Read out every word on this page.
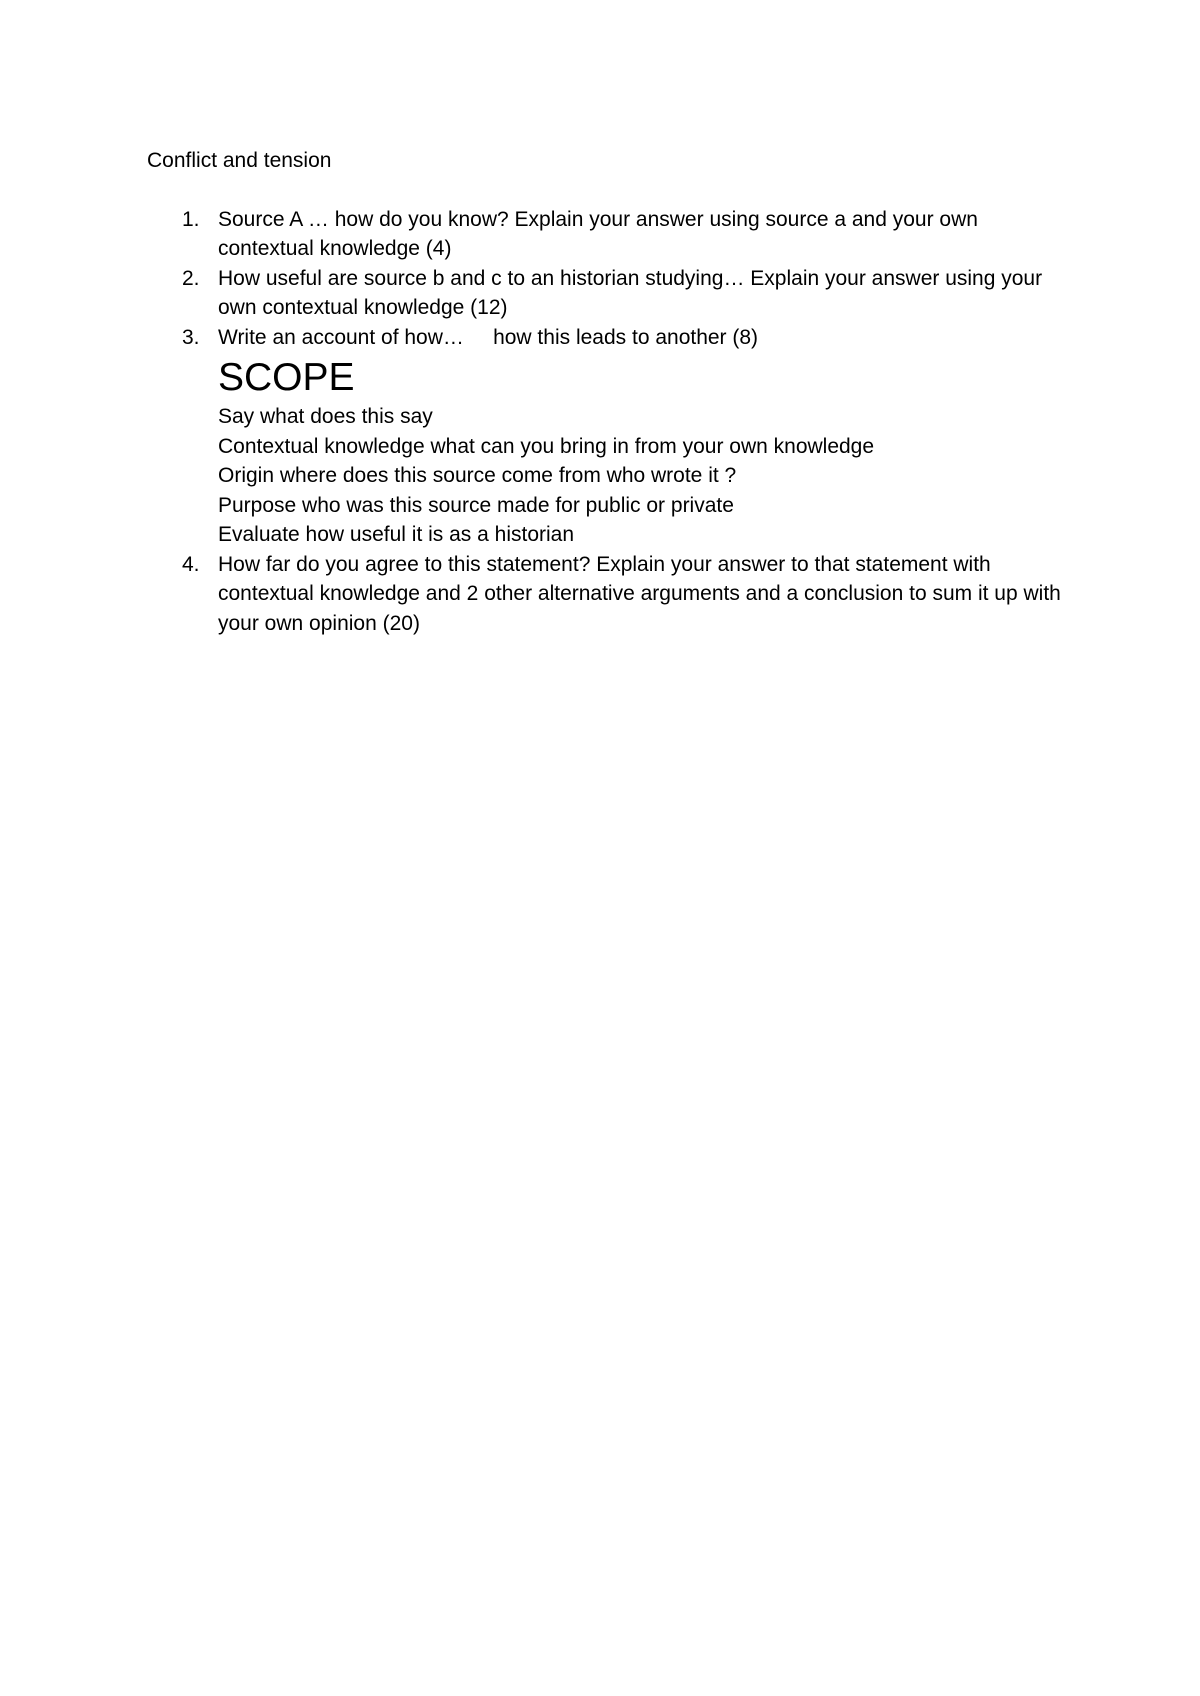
Conflict and tension
1. Source A … how do you know? Explain your answer using source a and your own contextual knowledge (4)
2. How useful are source b and c to an historian studying… Explain your answer using your own contextual knowledge (12)
3. Write an account of how…     how this leads to another (8)
SCOPE
Say what does this say
Contextual knowledge what can you bring in from your own knowledge
Origin where does this source come from who wrote it ?
Purpose who was this source made for public or private
Evaluate how useful it is as a historian
4. How far do you agree to this statement? Explain your answer to that statement with contextual knowledge and 2 other alternative arguments and a conclusion to sum it up with your own opinion (20)
